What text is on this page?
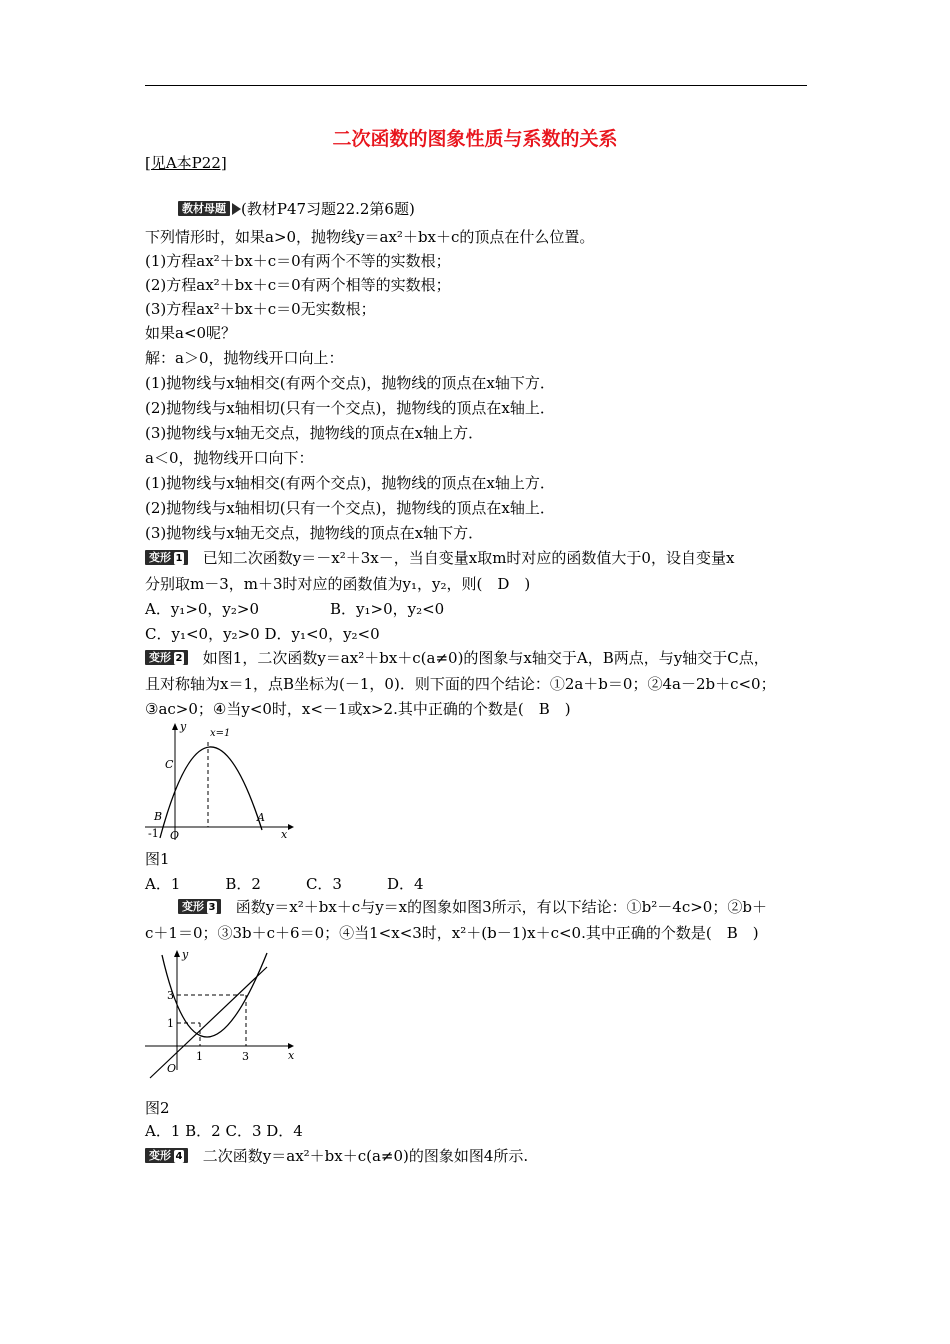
二次函数的图象性质与系数的关系
[见A本P22]
教材母题 (教材P47习题22.2第6题)
下列情形时，如果a>0，抛物线y＝ax²＋bx＋c的顶点在什么位置。
(1)方程ax²＋bx＋c＝0有两个不等的实数根；
(2)方程ax²＋bx＋c＝0有两个相等的实数根；
(3)方程ax²＋bx＋c＝0无实数根；
如果a<0呢？
解：a＞0，抛物线开口向上：
(1)抛物线与x轴相交(有两个交点)，抛物线的顶点在x轴下方．
(2)抛物线与x轴相切(只有一个交点)，抛物线的顶点在x轴上．
(3)抛物线与x轴无交点，抛物线的顶点在x轴上方．
a＜0，抛物线开口向下：
(1)抛物线与x轴相交(有两个交点)，抛物线的顶点在x轴上方．
(2)抛物线与x轴相切(只有一个交点)，抛物线的顶点在x轴上．
(3)抛物线与x轴无交点，抛物线的顶点在x轴下方．
变形 1 已知二次函数y＝－x²＋3x－，当自变量x取m时对应的函数值大于0，设自变量x
分别取m－3，m＋3时对应的函数值为y₁，y₂，则(　D　)
A．y₁>0，y₂>0	B．y₁>0，y₂<0
C．y₁<0，y₂>0 D．y₁<0，y₂<0
变形 2 如图1，二次函数y＝ax²＋bx＋c(a≠0)的图象与x轴交于A，B两点，与y轴交于C点，
且对称轴为x＝1，点B坐标为(－1，0)．则下面的四个结论：①2a＋b＝0；②4a－2b＋c<0；
③ac>0；④当y<0时，x<－1或x>2.其中正确的个数是(　B　)
y
x
x=1
C
B	A
O
-1
图1
A．1　　　B．2　　　C．3　　　D．4
变形 3 函数y＝x²＋bx＋c与y＝x的图象如图3所示，有以下结论：①b²－4c>0；②b＋
c＋1＝0；③3b＋c＋6＝0；④当1<x<3时，x²＋(b－1)x＋c<0.其中正确的个数是(　B　)
y
x
O
1	3
1
3
图2
A．1 B．2 C．3 D．4
变形 4 二次函数y＝ax²＋bx＋c(a≠0)的图象如图4所示.
